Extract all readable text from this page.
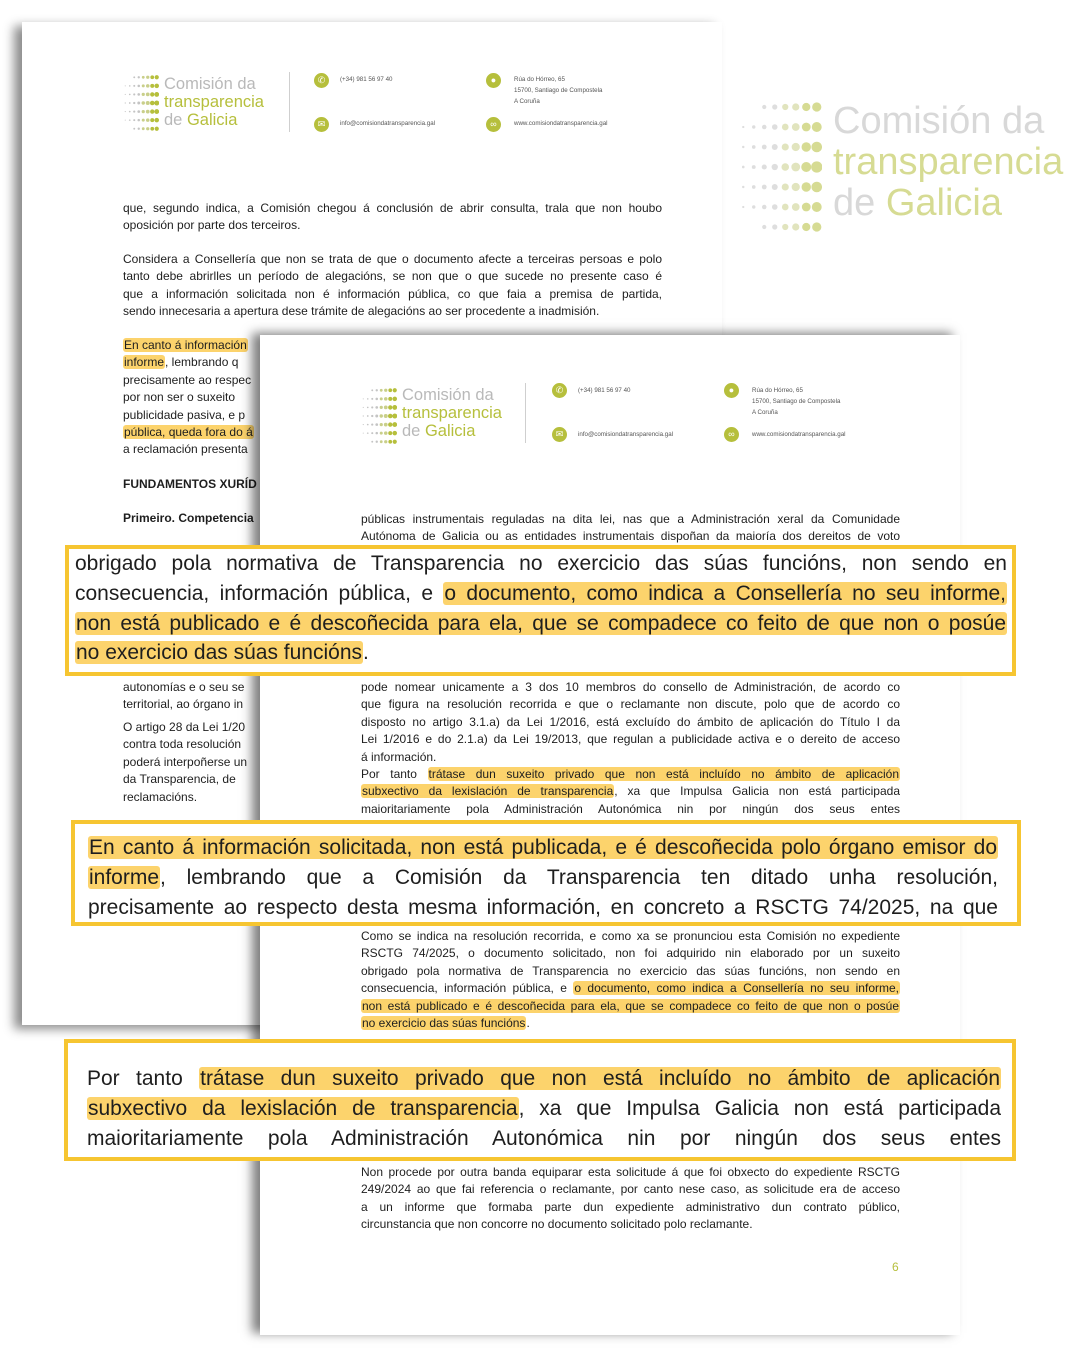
Comisión da
transparencia
de Galicia
✆	(+34) 981 56 97 40
✉	info@comisiondatransparencia.gal
●	Rúa do Hórreo, 65
15700, Santiago de Compostela
A Coruña
∞	www.comisiondatransparencia.gal
que, segundo indica, a Comisión chegou á conclusión de abrir consulta, trala que non houbo
oposición por parte dos terceiros.
Considera a Consellería que non se trata de que o documento afecte a terceiras persoas e polo
tanto debe abrirlles un período de alegacións, se non que o que sucede no presente caso é
que a información solicitada non é información pública, co que faia a premisa de partida,
sendo innecesaria a apertura dese trámite de alegacións ao ser procedente a inadmisión.
En canto á información
informe, lembrando q
precisamente ao respec
por non ser o suxeito
publicidade pasiva, e p
pública, queda fora do á
a reclamación presenta
FUNDAMENTOS XURÍD
Primeiro. Competencia
autonomías e o seu se
territorial, ao órgano in
O artigo 28 da Lei 1/20
contra toda resolución
poderá interpoñerse un
da Transparencia, de
reclamacións.
Comisión da
transparencia
de Galicia
Comisión da
transparencia
de Galicia
✆	(+34) 981 56 97 40
✉	info@comisiondatransparencia.gal
●	Rúa do Hórreo, 65
15700, Santiago de Compostela
A Coruña
∞	www.comisiondatransparencia.gal
públicas instrumentais reguladas na dita lei, nas que a Administración xeral da Comunidade
Autónoma de Galicia ou as entidades instrumentais dispoñan da maioría dos dereitos de voto
pode nomear unicamente a 3 dos 10 membros do consello de Administración, de acordo co
que figura na resolución recorrida e que o reclamante non discute, polo que de acordo co
disposto no artigo 3.1.a) da Lei 1/2016, está excluído do ámbito de aplicación do Título I da
Lei 1/2016 e do 2.1.a) da Lei 19/2013, que regulan a publicidade activa e o dereito de acceso
á información.
Por tanto trátase dun suxeito privado que non está incluído no ámbito de aplicación
subxectivo da lexislación de transparencia, xa que Impulsa Galicia non está participada
maioritariamente pola Administración Autonómica nin por ningún dos seus entes
Como se indica na resolución recorrida, e como xa se pronunciou esta Comisión no expediente
RSCTG 74/2025, o documento solicitado, non foi adquirido nin elaborado por un suxeito
obrigado pola normativa de Transparencia no exercicio das súas funcións, non sendo en
consecuencia, información pública, e o documento, como indica a Consellería no seu informe,
non está publicado e é descoñecida para ela, que se compadece co feito de que non o posúe
no exercicio das súas funcións.
Non procede por outra banda equiparar esta solicitude á que foi obxecto do expediente RSCTG
249/2024 ao que fai referencia o reclamante, por canto nese caso, as solicitude era de acceso
a un informe que formaba parte dun expediente administrativo dun contrato público,
circunstancia que non concorre no documento solicitado polo reclamante.
6
obrigado pola normativa de Transparencia no exercicio das súas funcións, non sendo en
consecuencia, información pública, e o documento, como indica a Consellería no seu informe,
non está publicado e é descoñecida para ela, que se compadece co feito de que non o posúe
no exercicio das súas funcións.
En canto á información solicitada, non está publicada, e é descoñecida polo órgano emisor do
informe, lembrando que a Comisión da Transparencia ten ditado unha resolución,
precisamente ao respecto desta mesma información, en concreto a RSCTG 74/2025, na que
Por tanto trátase dun suxeito privado que non está incluído no ámbito de aplicación
subxectivo da lexislación de transparencia, xa que Impulsa Galicia non está participada
maioritariamente pola Administración Autonómica nin por ningún dos seus entes
